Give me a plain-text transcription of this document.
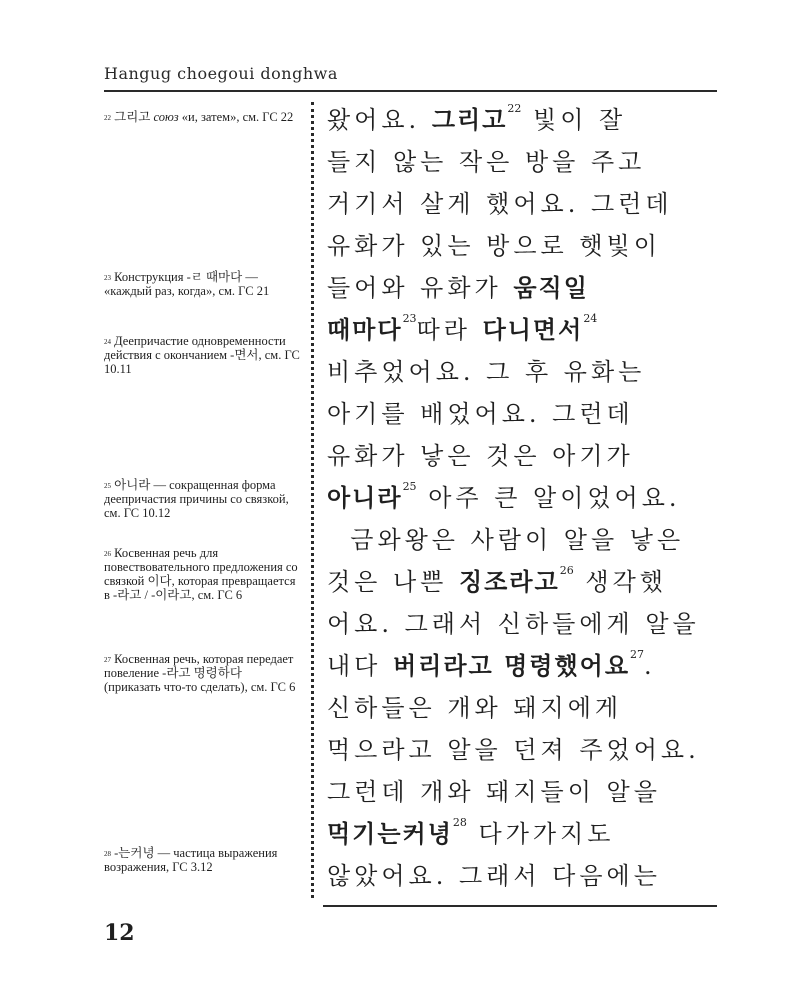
Hangug choegoui donghwa
$^{22}$ 그리고 союз «и, затем», см. ГС 22
$^{23}$ Конструкция -ㄹ 때마다 — «каждый раз, когда», см. ГС 21
$^{24}$ Деепричастие одновременности действия с окончанием -면서, см. ГС 10.11
$^{25}$ 아니라 — сокращенная форма деепричастия причины со связкой, см. ГС 10.12
$^{26}$ Косвенная речь для повествовательного предложения со связкой 이다, которая превращается в -라고 / -이라고, см. ГС 6
$^{27}$ Косвенная речь, которая передает повеление -라고 명령하다 (приказать что-то сделать), см. ГС 6
$^{28}$ -는커녕 — частица выражения возражения, ГС 3.12
왔어요. 그리고$^{22}$ 빛이 잘
들지 않는 작은 방을 주고
거기서 살게 했어요. 그런데
유화가 있는 방으로 햇빛이
들어와 유화가 움직일
때마다$^{23}$따라 다니면서$^{24}$
비추었어요. 그 후 유화는
아기를 배었어요. 그런데
유화가 낳은 것은 아기가
아니라$^{25}$ 아주 큰 알이었어요.
금와왕은 사람이 알을 낳은
것은 나쁜 징조라고$^{26}$ 생각했
어요. 그래서 신하들에게 알을
내다 버리라고 명령했어요$^{27}$.
신하들은 개와 돼지에게
먹으라고 알을 던져 주었어요.
그런데 개와 돼지들이 알을
먹기는커녕$^{28}$ 다가가지도
않았어요. 그래서 다음에는
12
